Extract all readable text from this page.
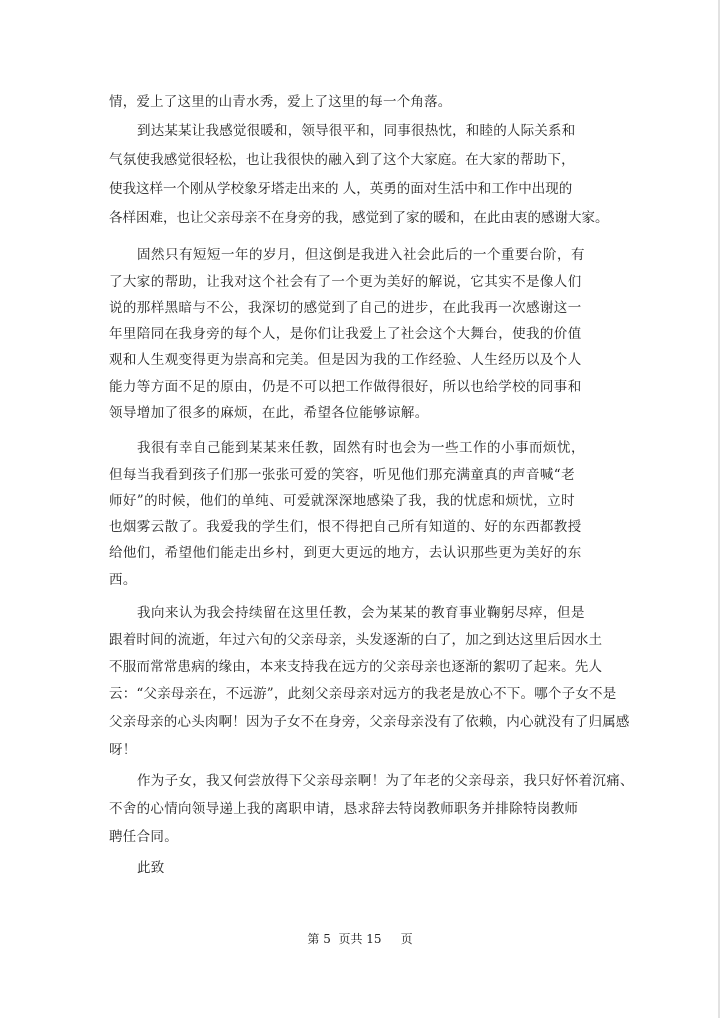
情，爱上了这里的山青水秀，爱上了这里的每一个角落。
到达某某让我感觉很暖和，领导很平和，同事很热忱，和睦的人际关系和
气氛使我感觉很轻松，也让我很快的融入到了这个大家庭。在大家的帮助下，
使我这样一个刚从学校象牙塔走出来的 人，英勇的面对生活中和工作中出现的
各样困难，也让父亲母亲不在身旁的我，感觉到了家的暖和，在此由衷的感谢大家。
固然只有短短一年的岁月，但这倒是我进入社会此后的一个重要台阶，有
了大家的帮助，让我对这个社会有了一个更为美好的解说，它其实不是像人们
说的那样黑暗与不公，我深切的感觉到了自己的进步，在此我再一次感谢这一
年里陪同在我身旁的每个人，是你们让我爱上了社会这个大舞台，使我的价值
观和人生观变得更为崇高和完美。但是因为我的工作经验、人生经历以及个人
能力等方面不足的原由，仍是不可以把工作做得很好，所以也给学校的同事和
领导增加了很多的麻烦，在此，希望各位能够谅解。
我很有幸自己能到某某来任教，固然有时也会为一些工作的小事而烦忧，
但每当我看到孩子们那一张张可爱的笑容，听见他们那充满童真的声音喊“老
师好”的时候，他们的单纯、可爱就深深地感染了我，我的忧虑和烦忧，立时
也烟雾云散了。我爱我的学生们，恨不得把自己所有知道的、好的东西都教授
给他们，希望他们能走出乡村，到更大更远的地方，去认识那些更为美好的东
西。
我向来认为我会持续留在这里任教，会为某某的教育事业鞠躬尽瘁，但是
跟着时间的流逝，年过六旬的父亲母亲，头发逐渐的白了，加之到达这里后因水土
不服而常常患病的缘由，本来支持我在远方的父亲母亲也逐渐的絮叨了起来。先人
云：“父亲母亲在，不远游”，此刻父亲母亲对远方的我老是放心不下。哪个子女不是
父亲母亲的心头肉啊！因为子女不在身旁，父亲母亲没有了依赖，内心就没有了归属感
呀！
作为子女，我又何尝放得下父亲母亲啊！为了年老的父亲母亲，我只好怀着沉痛、
不舍的心情向领导递上我的离职申请，恳求辞去特岗教师职务并排除特岗教师
聘任合同。
此致
第 5  页共 15     页
